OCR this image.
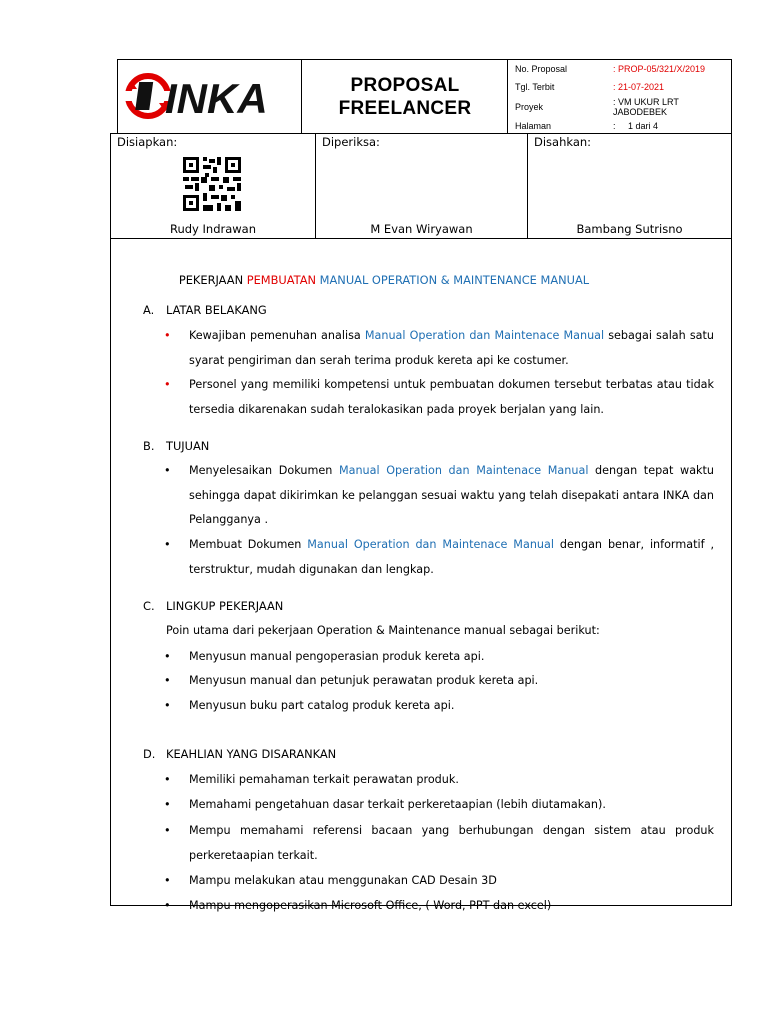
INKA	PROPOSAL
FREELANCER
No. Proposal	: PROP-05/321/X/2019
Tgl. Terbit	: 21-07-2021
Proyek	: VM UKUR LRT JABODEBEK
Halaman	:     1 dari 4
Disiapkan:
Rudy Indrawan
Diperiksa:
M Evan Wiryawan
Disahkan:
Bambang Sutrisno
PEKERJAAN PEMBUATAN MANUAL OPERATION & MAINTENANCE MANUAL
A. LATAR BELAKANG
• Kewajiban pemenuhan analisa Manual Operation dan Maintenace Manual sebagai salah satu syarat pengiriman dan serah terima produk kereta api ke costumer.
• Personel yang memiliki kompetensi untuk pembuatan dokumen tersebut terbatas atau tidak tersedia dikarenakan sudah teralokasikan pada proyek berjalan yang lain.
B. TUJUAN
• Menyelesaikan Dokumen Manual Operation dan Maintenace Manual dengan tepat waktu sehingga dapat dikirimkan ke pelanggan sesuai waktu yang telah disepakati antara INKA dan Pelangganya .
• Membuat Dokumen Manual Operation dan Maintenace Manual dengan benar, informatif , terstruktur, mudah digunakan dan lengkap.
C. LINGKUP PEKERJAAN
Poin utama dari pekerjaan Operation & Maintenance manual sebagai berikut:
• Menyusun manual pengoperasian produk kereta api.
• Menyusun manual dan petunjuk perawatan produk kereta api.
• Menyusun buku part catalog produk kereta api.
D. KEAHLIAN YANG DISARANKAN
• Memiliki pemahaman terkait perawatan produk.
• Memahami pengetahuan dasar terkait perkeretaapian (lebih diutamakan).
• Mempu memahami referensi bacaan yang berhubungan dengan sistem atau produk perkeretaapian terkait.
• Mampu melakukan atau menggunakan CAD Desain 3D
• Mampu mengoperasikan Microsoft Office, ( Word, PPT dan excel)
